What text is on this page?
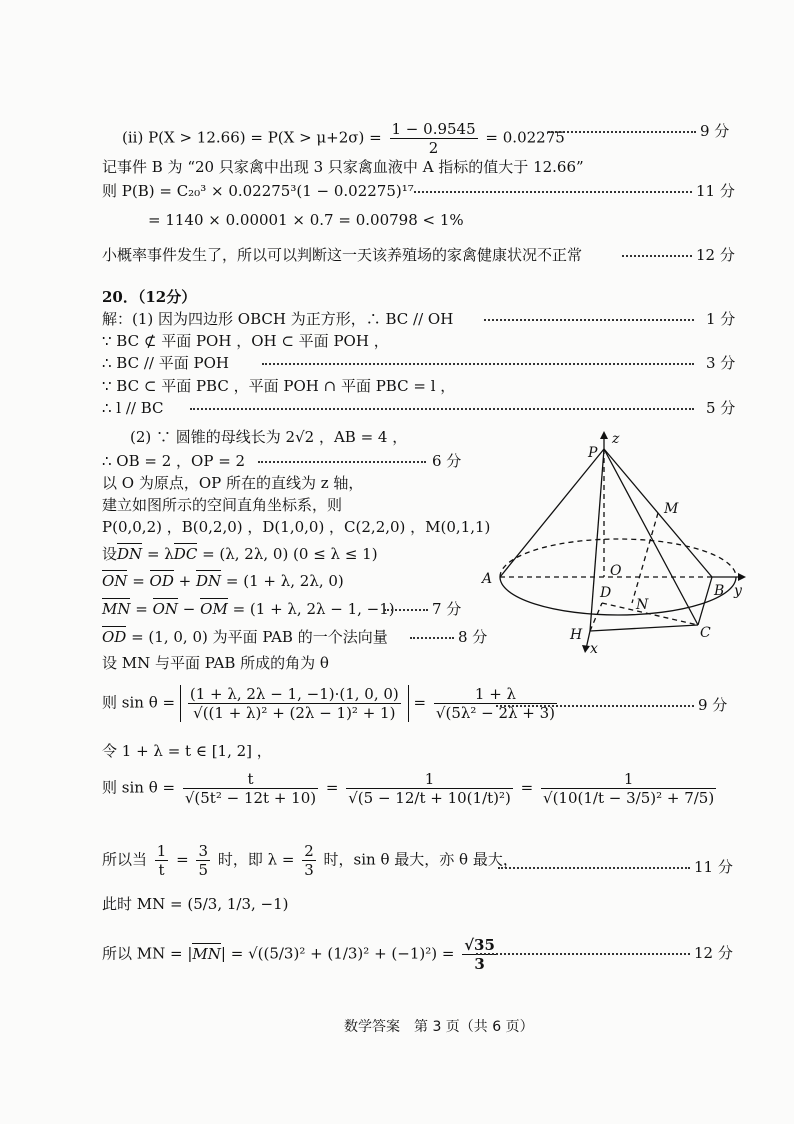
(ii) $P(X > 12.66) = P(X > \mu+2\sigma) = \frac{1 - 0.9545}{2} = 0.02275$	9 分
记事件 B 为 “20 只家禽中出现 3 只家禽血液中 A 指标的值大于 12.66”
则 P(B) = C₂₀³ × 0.02275³(1 − 0.02275)¹⁷	11 分
= 1140 × 0.00001 × 0.7 = 0.00798 < 1%
小概率事件发生了，所以可以判断这一天该养殖场的家禽健康状况不正常	12 分
20．（12分）
解：(1) 因为四边形 OBCH 为正方形，∴ BC // OH	1 分
∵ BC ⊄ 平面 POH ，OH ⊂ 平面 POH ，
∴ BC // 平面 POH	3 分
∵ BC ⊂ 平面 PBC ，平面 POH ∩ 平面 PBC = l ，
∴ l // BC	5 分
(2) ∵ 圆锥的母线长为 2√2 ，AB = 4 ，
∴ OB = 2 ，OP = 2	6 分
以 O 为原点，OP 所在的直线为 z 轴，
建立如图所示的空间直角坐标系，则
P(0,0,2) ，B(0,2,0) ，D(1,0,0) ，C(2,2,0) ，M(0,1,1)
设DN = λDC = (λ, 2λ, 0) (0 ≤ λ ≤ 1)
ON = OD + DN = (1 + λ, 2λ, 0)
MN = ON − OM = (1 + λ, 2λ − 1, −1) 7 分
OD = (1, 0, 0) 为平面 PAB 的一个法向量	8 分
设 MN 与平面 PAB 所成的角为 θ
则 $\sin \theta = \frac{(1 + \lambda, 2\lambda - 1, -1)\cdot(1, 0, 0)}{\text{√((1 + λ)² + (2λ − 1)² + 1)}} = \frac{1 + \lambda}{\text{√(5λ² − 2λ + 3)}}$	9 分
令 1 + λ = t ∈ [1, 2] ，
则 $\sin \theta = \frac{t}{\text{√(5t² − 12t + 10)}} = \frac{1}{\text{√(5 − 12/t + 10(1/t)²)}} = \frac{1}{\text{√(10(1/t − 3/5)² + 7/5)}}$
所以当 $\frac{1}{t} = \frac{3}{5}$ 时，即 $\lambda = \frac{2}{3}$ 时，sin θ 最大，亦 θ 最大，	11 分
此时 MN = (5/3, 1/3, −1)
所以 MN = $|MN| = √((5/3)^2 + (1/3)^2 + (-1)^2) = \frac{√35}{3}$	12 分
P
z
M
O
A
D
N
B y
H	C
x
数学答案　第 3 页（共 6 页）
